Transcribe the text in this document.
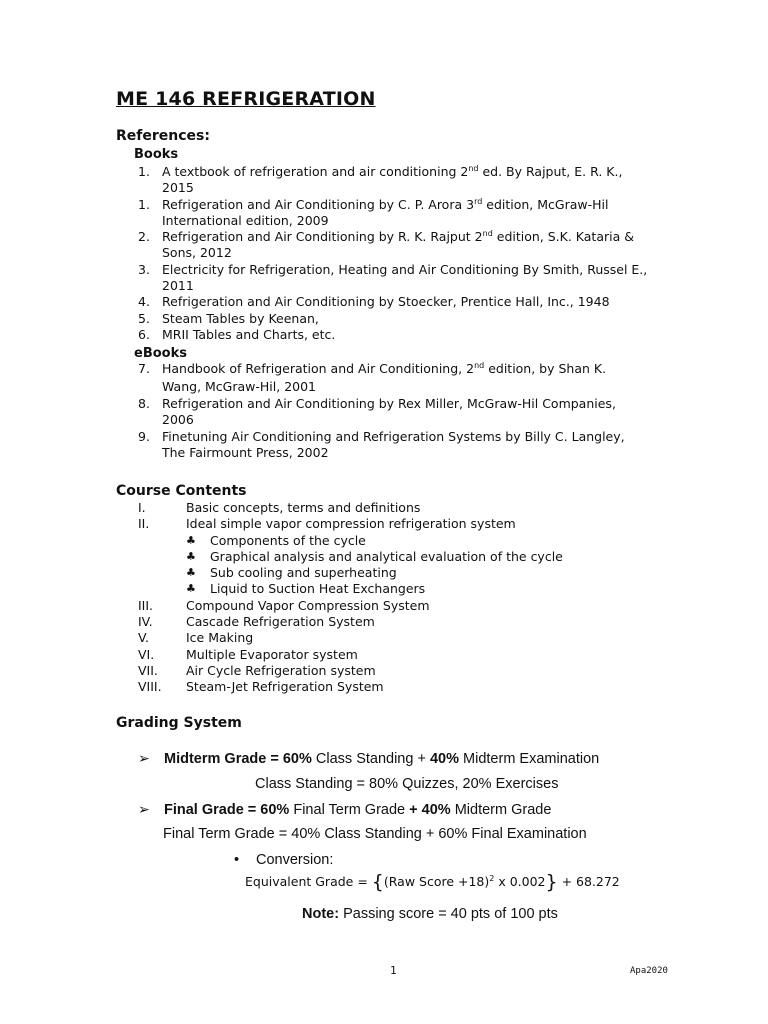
ME 146 REFRIGERATION
References:
Books
1. A textbook of refrigeration and air conditioning 2nd ed. By Rajput, E. R. K., 2015
1. Refrigeration and Air Conditioning by C. P. Arora 3rd edition, McGraw-Hil International edition, 2009
2. Refrigeration and Air Conditioning by R. K. Rajput 2nd edition, S.K. Kataria & Sons, 2012
3. Electricity for Refrigeration, Heating and Air Conditioning By Smith, Russel E., 2011
4. Refrigeration and Air Conditioning by Stoecker, Prentice Hall, Inc., 1948
5. Steam Tables by Keenan,
6. MRII Tables and Charts, etc.
eBooks
7. Handbook of Refrigeration and Air Conditioning, 2nd edition, by Shan K. Wang, McGraw-Hil, 2001
8. Refrigeration and Air Conditioning by Rex Miller, McGraw-Hil Companies, 2006
9. Finetuning Air Conditioning and Refrigeration Systems by Billy C. Langley, The Fairmount Press, 2002
Course Contents
I.	Basic concepts, terms and definitions
II.	Ideal simple vapor compression refrigeration system
♣	Components of the cycle
♣	Graphical analysis and analytical evaluation of the cycle
♣	Sub cooling and superheating
♣	Liquid to Suction Heat Exchangers
III.	Compound Vapor Compression System
IV.	Cascade Refrigeration System
V.	Ice Making
VI.	Multiple Evaporator system
VII.	Air Cycle Refrigeration system
VIII.	Steam-Jet Refrigeration System
Grading System
➢ Midterm Grade = 60% Class Standing + 40% Midterm Examination
Class Standing = 80% Quizzes, 20% Exercises
➢ Final Grade = 60% Final Term Grade + 40% Midterm Grade
Final Term Grade = 40% Class Standing + 60% Final Examination
• Conversion:
Equivalent Grade = {(Raw Score +18)$^2$ x 0.002} + 68.272
Note: Passing score = 40 pts of 100 pts
1	Apa2020
